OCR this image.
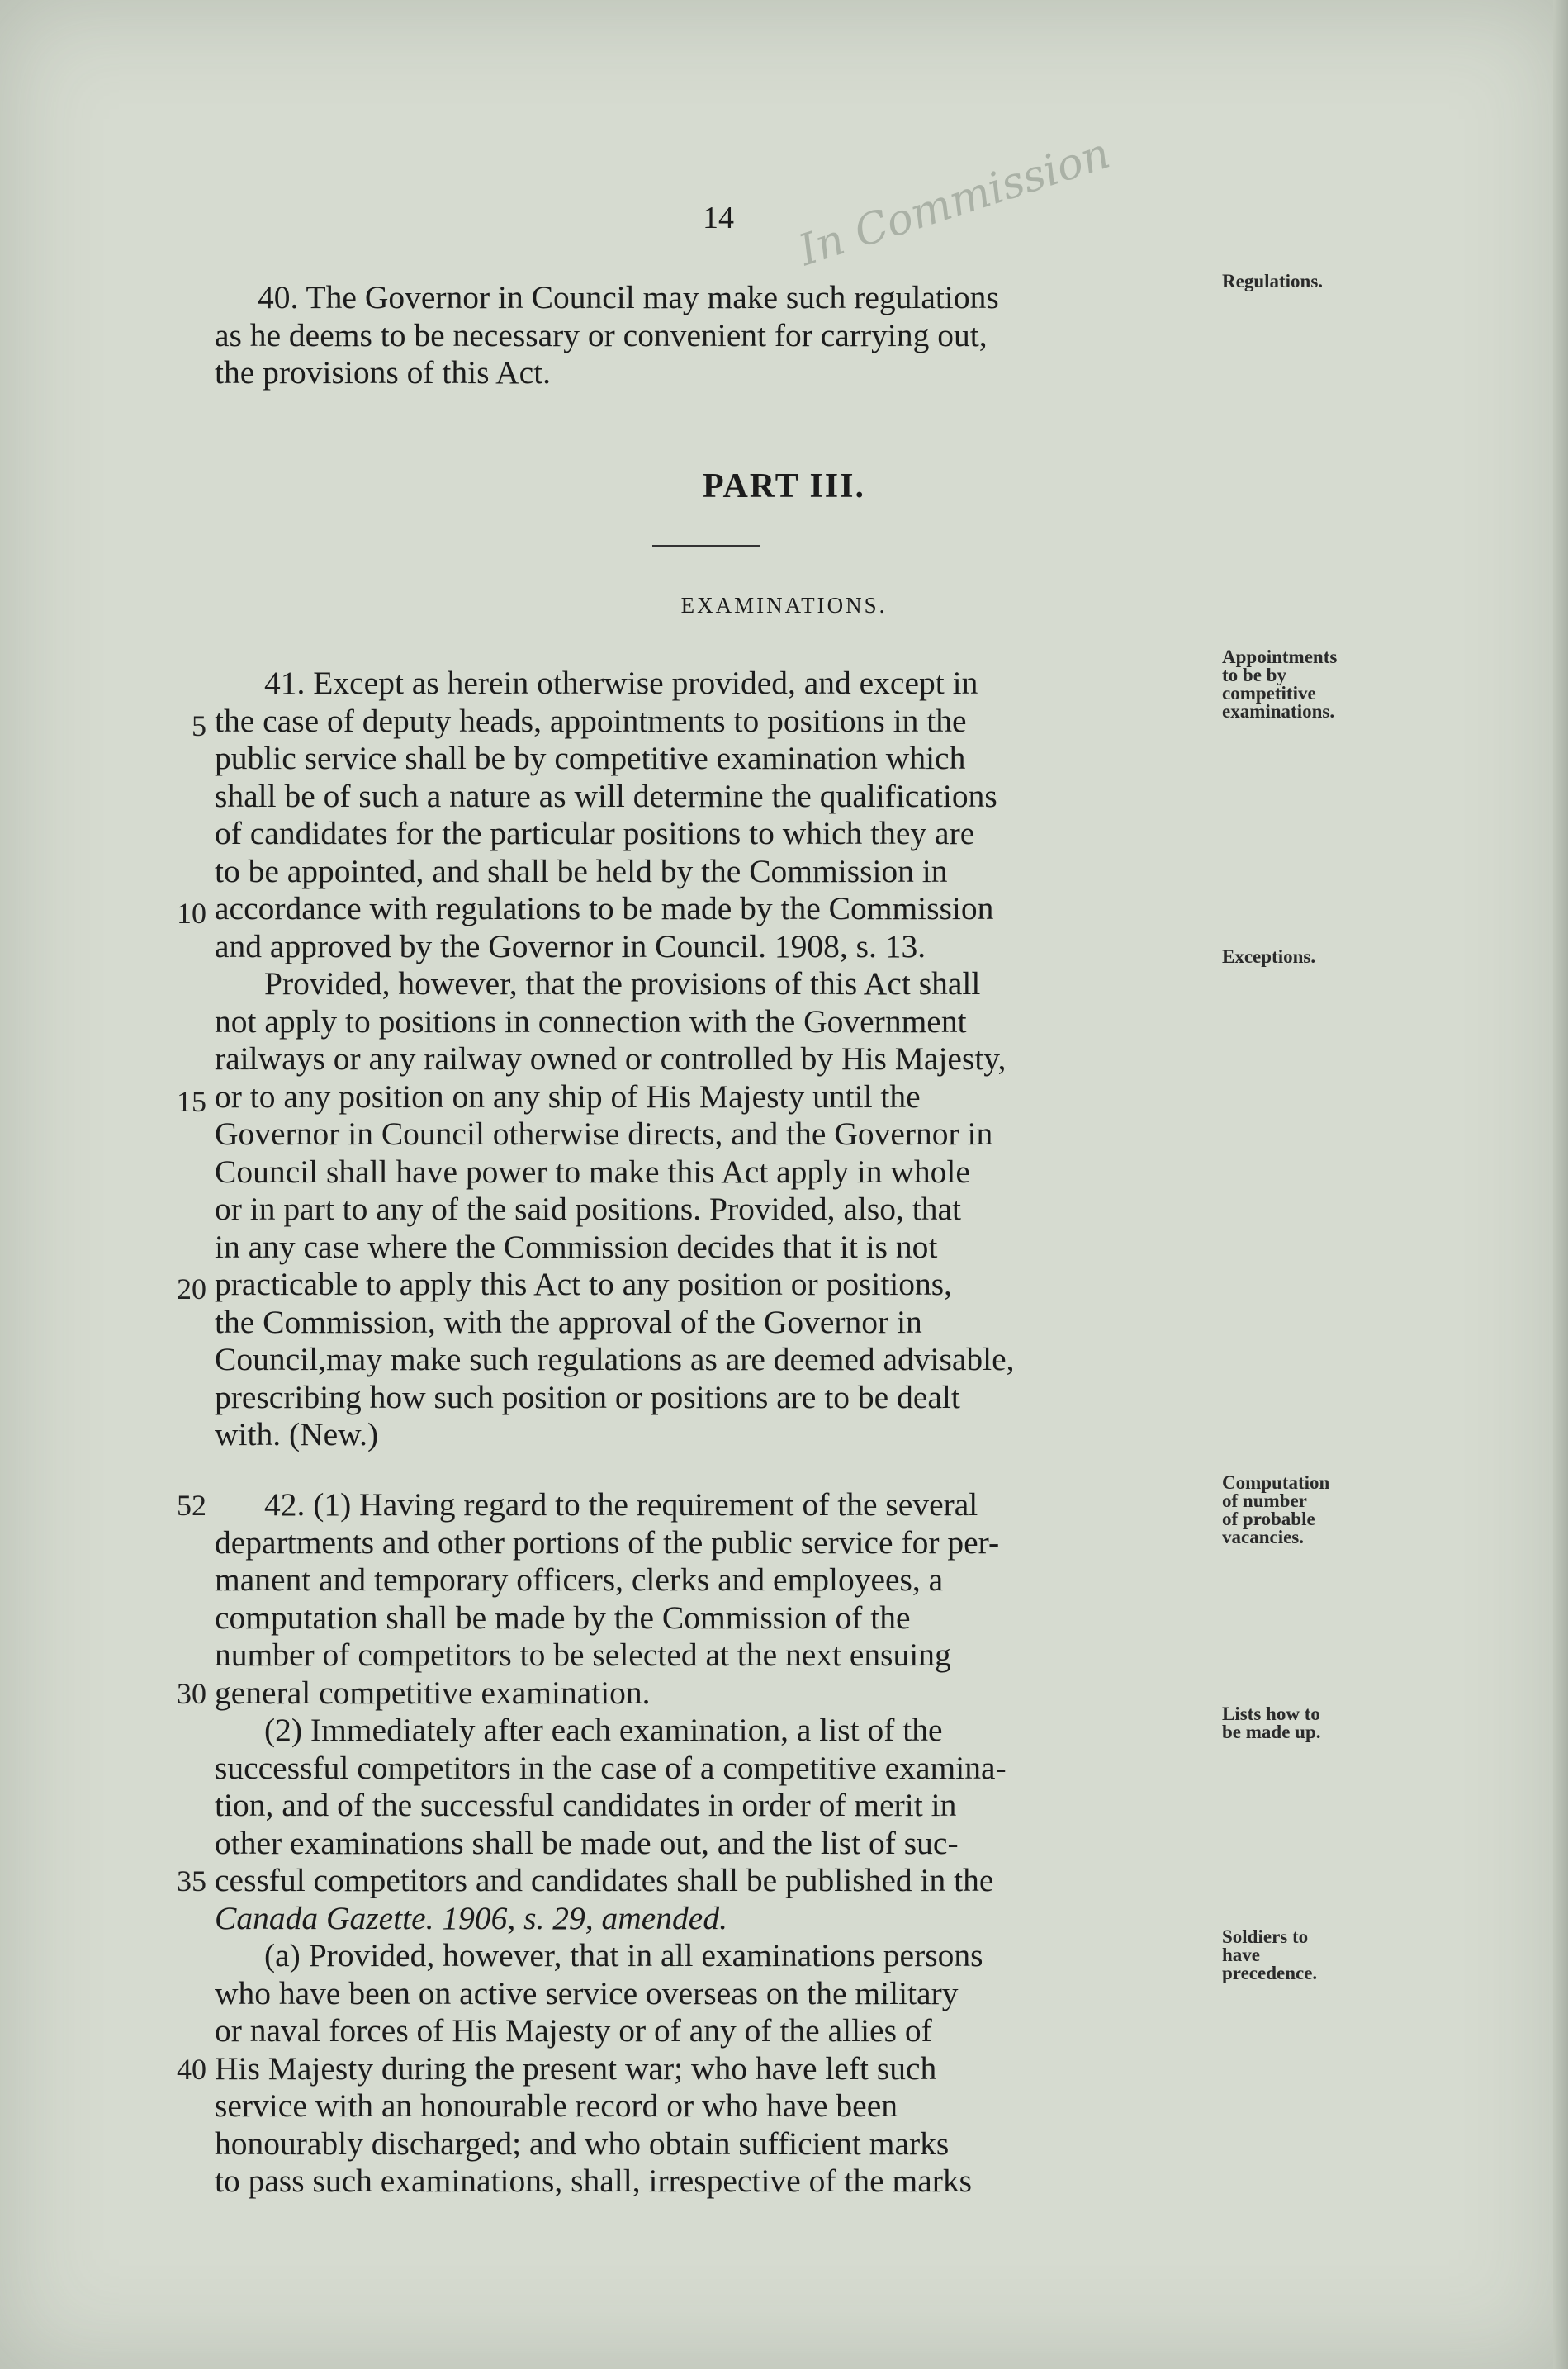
14 In Commission
40. The Governor in Council may make such regulations
as he deems to be necessary or convenient for carrying out,
the provisions of this Act.
Regulations.
PART III.
EXAMINATIONS.
41. Except as herein otherwise provided, and except in
the case of deputy heads, appointments to positions in the
public service shall be by competitive examination which
shall be of such a nature as will determine the qualifications
of candidates for the particular positions to which they are
to be appointed, and shall be held by the Commission in
accordance with regulations to be made by the Commission
and approved by the Governor in Council. 1908, s. 13.
Provided, however, that the provisions of this Act shall
not apply to positions in connection with the Government
railways or any railway owned or controlled by His Majesty,
or to any position on any ship of His Majesty until the
Governor in Council otherwise directs, and the Governor in
Council shall have power to make this Act apply in whole
or in part to any of the said positions. Provided, also, that
in any case where the Commission decides that it is not
practicable to apply this Act to any position or positions,
the Commission, with the approval of the Governor in
Council,may make such regulations as are deemed advisable,
prescribing how such position or positions are to be dealt
with. (New.)
Appointments
to be by
competitive
examinations.
Exceptions.
42. (1) Having regard to the requirement of the several
departments and other portions of the public service for per-
manent and temporary officers, clerks and employees, a
computation shall be made by the Commission of the
number of competitors to be selected at the next ensuing
general competitive examination.
(2) Immediately after each examination, a list of the
successful competitors in the case of a competitive examina-
tion, and of the successful candidates in order of merit in
other examinations shall be made out, and the list of suc-
cessful competitors and candidates shall be published in the
Canada Gazette. 1906, s. 29, amended.
(a) Provided, however, that in all examinations persons
who have been on active service overseas on the military
or naval forces of His Majesty or of any of the allies of
His Majesty during the present war; who have left such
service with an honourable record or who have been
honourably discharged; and who obtain sufficient marks
to pass such examinations, shall, irrespective of the marks
Computation
of number
of probable
vacancies.
Lists how to
be made up.
Soldiers to
have
precedence.
5
10
15
20
52
30
35
40
